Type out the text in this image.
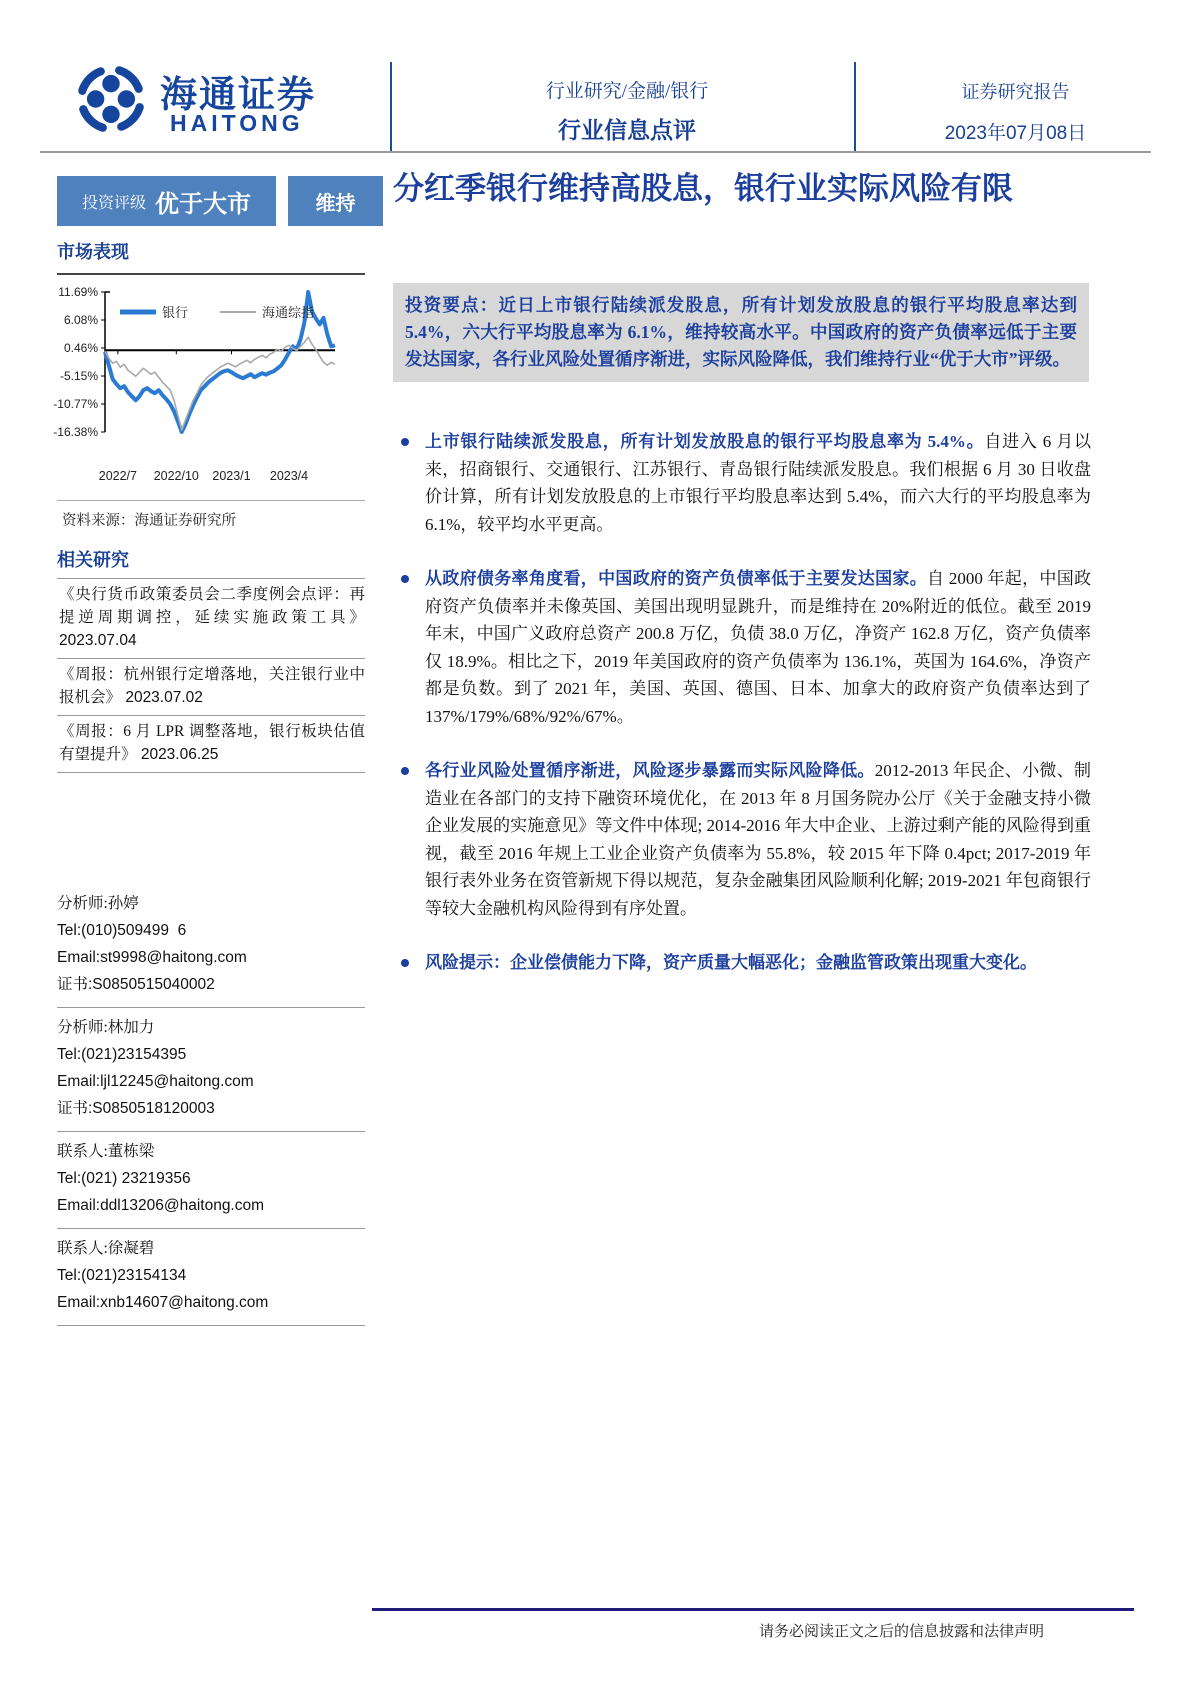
海通证券
HAITONG
行业研究/金融/银行
行业信息点评
证券研究报告
2023年07月08日
投资评级 优于大市	维持
市场表现
11.69%
6.08%
0.46%
-5.15%
-10.77%
-16.38%
2022/7 2022/10 2023/1 2023/4
银行	海通综指
资料来源：海通证券研究所
相关研究
《央行货币政策委员会二季度例会点评：再提逆周期调控，延续实施政策工具》 2023.07.04
《周报：杭州银行定增落地，关注银行业中报机会》 2023.07.02
《周报：6 月 LPR 调整落地，银行板块估值有望提升》 2023.06.25
分析师:孙婷
Tel:(010)509499  6
Email:st9998@haitong.com
证书:S0850515040002
分析师:林加力
Tel:(021)23154395
Email:ljl12245@haitong.com
证书:S0850518120003
联系人:董栋梁
Tel:(021) 23219356
Email:ddl13206@haitong.com
联系人:徐凝碧
Tel:(021)23154134
Email:xnb14607@haitong.com
分红季银行维持高股息，银行业实际风险有限
投资要点：近日上市银行陆续派发股息，所有计划发放股息的银行平均股息率达到 5.4%，六大行平均股息率为 6.1%，维持较高水平。中国政府的资产负债率远低于主要发达国家，各行业风险处置循序渐进，实际风险降低，我们维持行业“优于大市”评级。

上市银行陆续派发股息，所有计划发放股息的银行平均股息率为 5.4%。自进入 6 月以来，招商银行、交通银行、江苏银行、青岛银行陆续派发股息。我们根据 6 月 30 日收盘价计算，所有计划发放股息的上市银行平均股息率达到 5.4%，而六大行的平均股息率为 6.1%，较平均水平更高。

从政府债务率角度看，中国政府的资产负债率低于主要发达国家。自 2000 年起，中国政府资产负债率并未像英国、美国出现明显跳升，而是维持在 20%附近的低位。截至 2019 年末，中国广义政府总资产 200.8 万亿，负债 38.0 万亿，净资产 162.8 万亿，资产负债率仅 18.9%。相比之下，2019 年美国政府的资产负债率为 136.1%，英国为 164.6%，净资产都是负数。到了 2021 年，美国、英国、德国、日本、加拿大的政府资产负债率达到了 137%/179%/68%/92%/67%。

各行业风险处置循序渐进，风险逐步暴露而实际风险降低。2012-2013 年民企、小微、制造业在各部门的支持下融资环境优化，在 2013 年 8 月国务院办公厅《关于金融支持小微企业发展的实施意见》等文件中体现; 2014-2016 年大中企业、上游过剩产能的风险得到重视，截至 2016 年规上工业企业资产负债率为 55.8%，较 2015 年下降 0.4pct; 2017-2019 年银行表外业务在资管新规下得以规范，复杂金融集团风险顺利化解; 2019-2021 年包商银行等较大金融机构风险得到有序处置。

风险提示：企业偿债能力下降，资产质量大幅恶化；金融监管政策出现重大变化。

请务必阅读正文之后的信息披露和法律声明
